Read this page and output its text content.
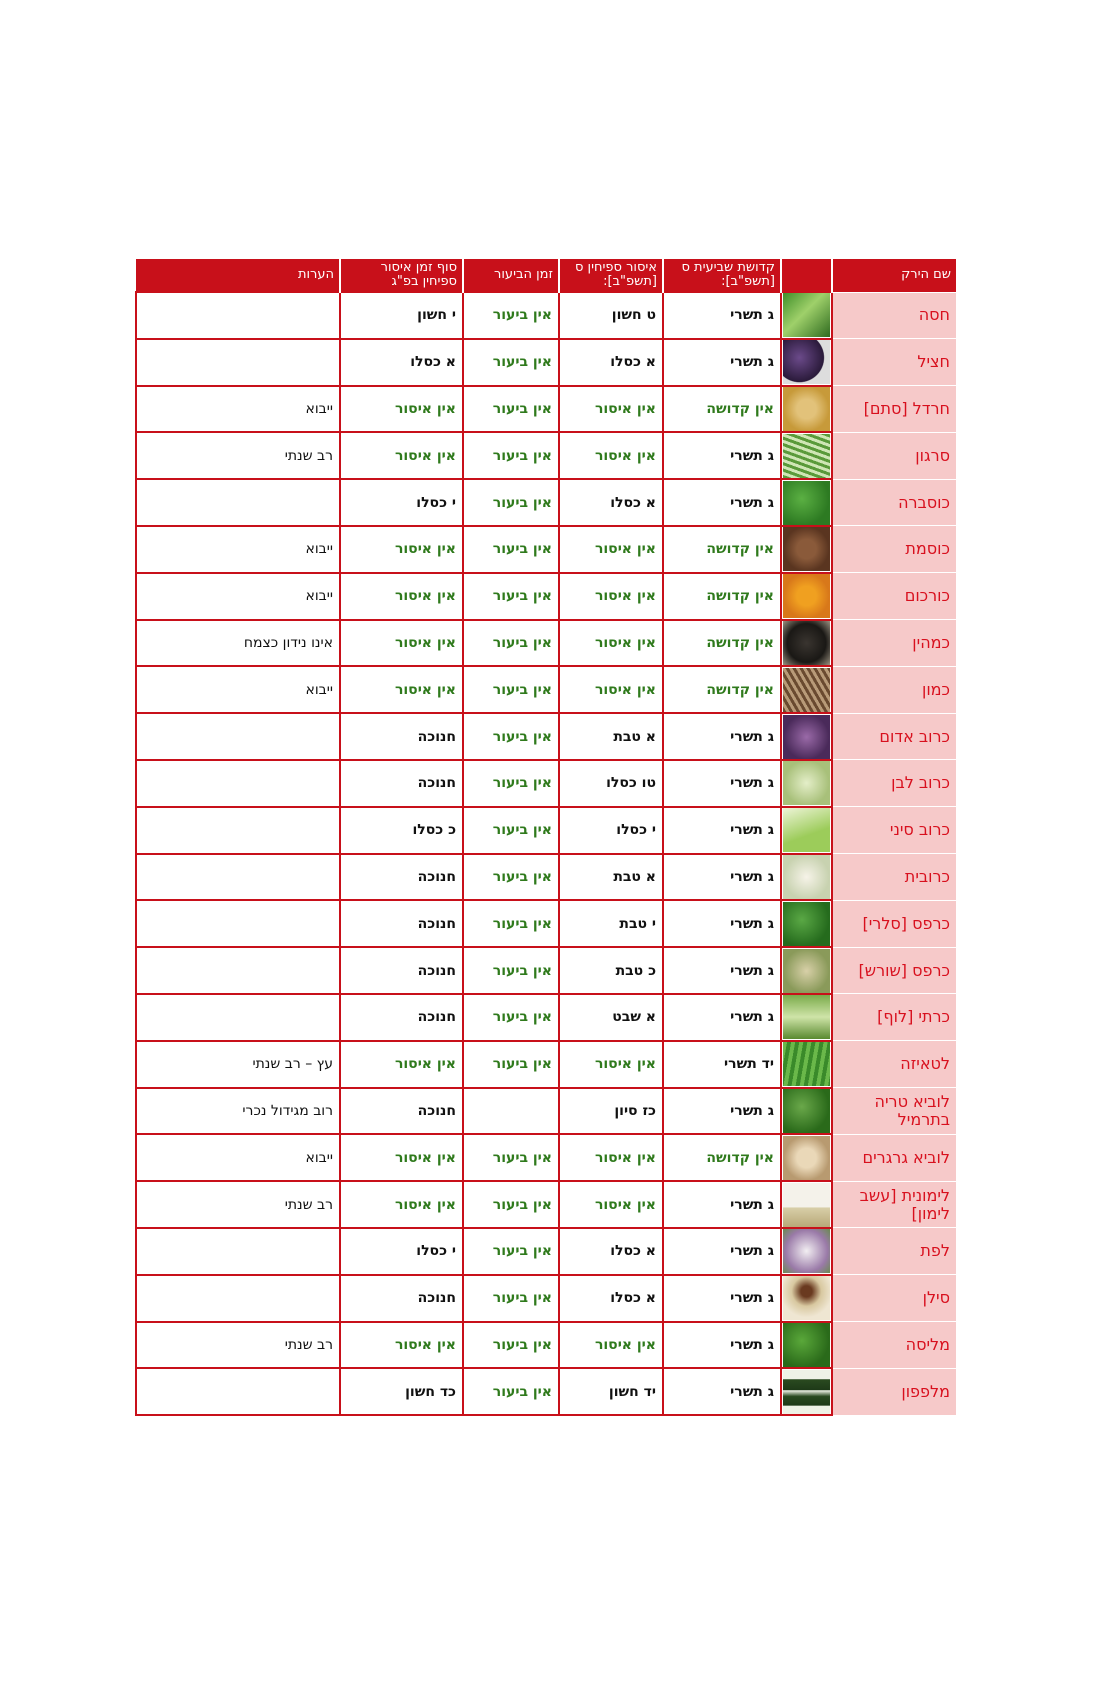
שם הירק		קדושת שביעית ס [תשפ"ב]:	איסור ספיחין ס [תשפ"ב]:	זמן הביעור	סוף זמן איסור ספיחין בפ"ג	הערות
חסה		ג תשרי	ט חשון	אין ביעור	י חשון	
חציל		ג תשרי	א כסלו	אין ביעור	א כסלו	
חרדל [סתם]		אין קדושה	אין איסור	אין ביעור	אין איסור	ייבוא
סרגון		ג תשרי	אין איסור	אין ביעור	אין איסור	רב שנתי
כוסברה		ג תשרי	א כסלו	אין ביעור	י כסלו	
כוסמת		אין קדושה	אין איסור	אין ביעור	אין איסור	ייבוא
כורכום		אין קדושה	אין איסור	אין ביעור	אין איסור	ייבוא
כמהין		אין קדושה	אין איסור	אין ביעור	אין איסור	אינו נידון כצמח
כמון		אין קדושה	אין איסור	אין ביעור	אין איסור	ייבוא
כרוב אדום		ג תשרי	א טבת	אין ביעור	חנוכה	
כרוב לבן		ג תשרי	טו כסלו	אין ביעור	חנוכה	
כרוב סיני		ג תשרי	י כסלו	אין ביעור	כ כסלו	
כרובית		ג תשרי	א טבת	אין ביעור	חנוכה	
כרפס [סלרי]		ג תשרי	י טבת	אין ביעור	חנוכה	
כרפס [שורש]		ג תשרי	כ טבת	אין ביעור	חנוכה	
כרתי [לוף]		ג תשרי	א שבט	אין ביעור	חנוכה	
לטאיזה		יד תשרי	אין איסור	אין ביעור	אין איסור	עץ – רב שנתי
לוביא טריה בתרמיל		ג תשרי	כז סיון		חנוכה	רוב מגידול נכרי
לוביא גרגרים		אין קדושה	אין איסור	אין ביעור	אין איסור	ייבוא
לימונית [עשב לימון]		ג תשרי	אין איסור	אין ביעור	אין איסור	רב שנתי
לפת		ג תשרי	א כסלו	אין ביעור	י כסלו	
סילן		ג תשרי	א כסלו	אין ביעור	חנוכה	
מליסה		ג תשרי	אין איסור	אין ביעור	אין איסור	רב שנתי
מלפפון		ג תשרי	יד חשון	אין ביעור	כד חשון	
